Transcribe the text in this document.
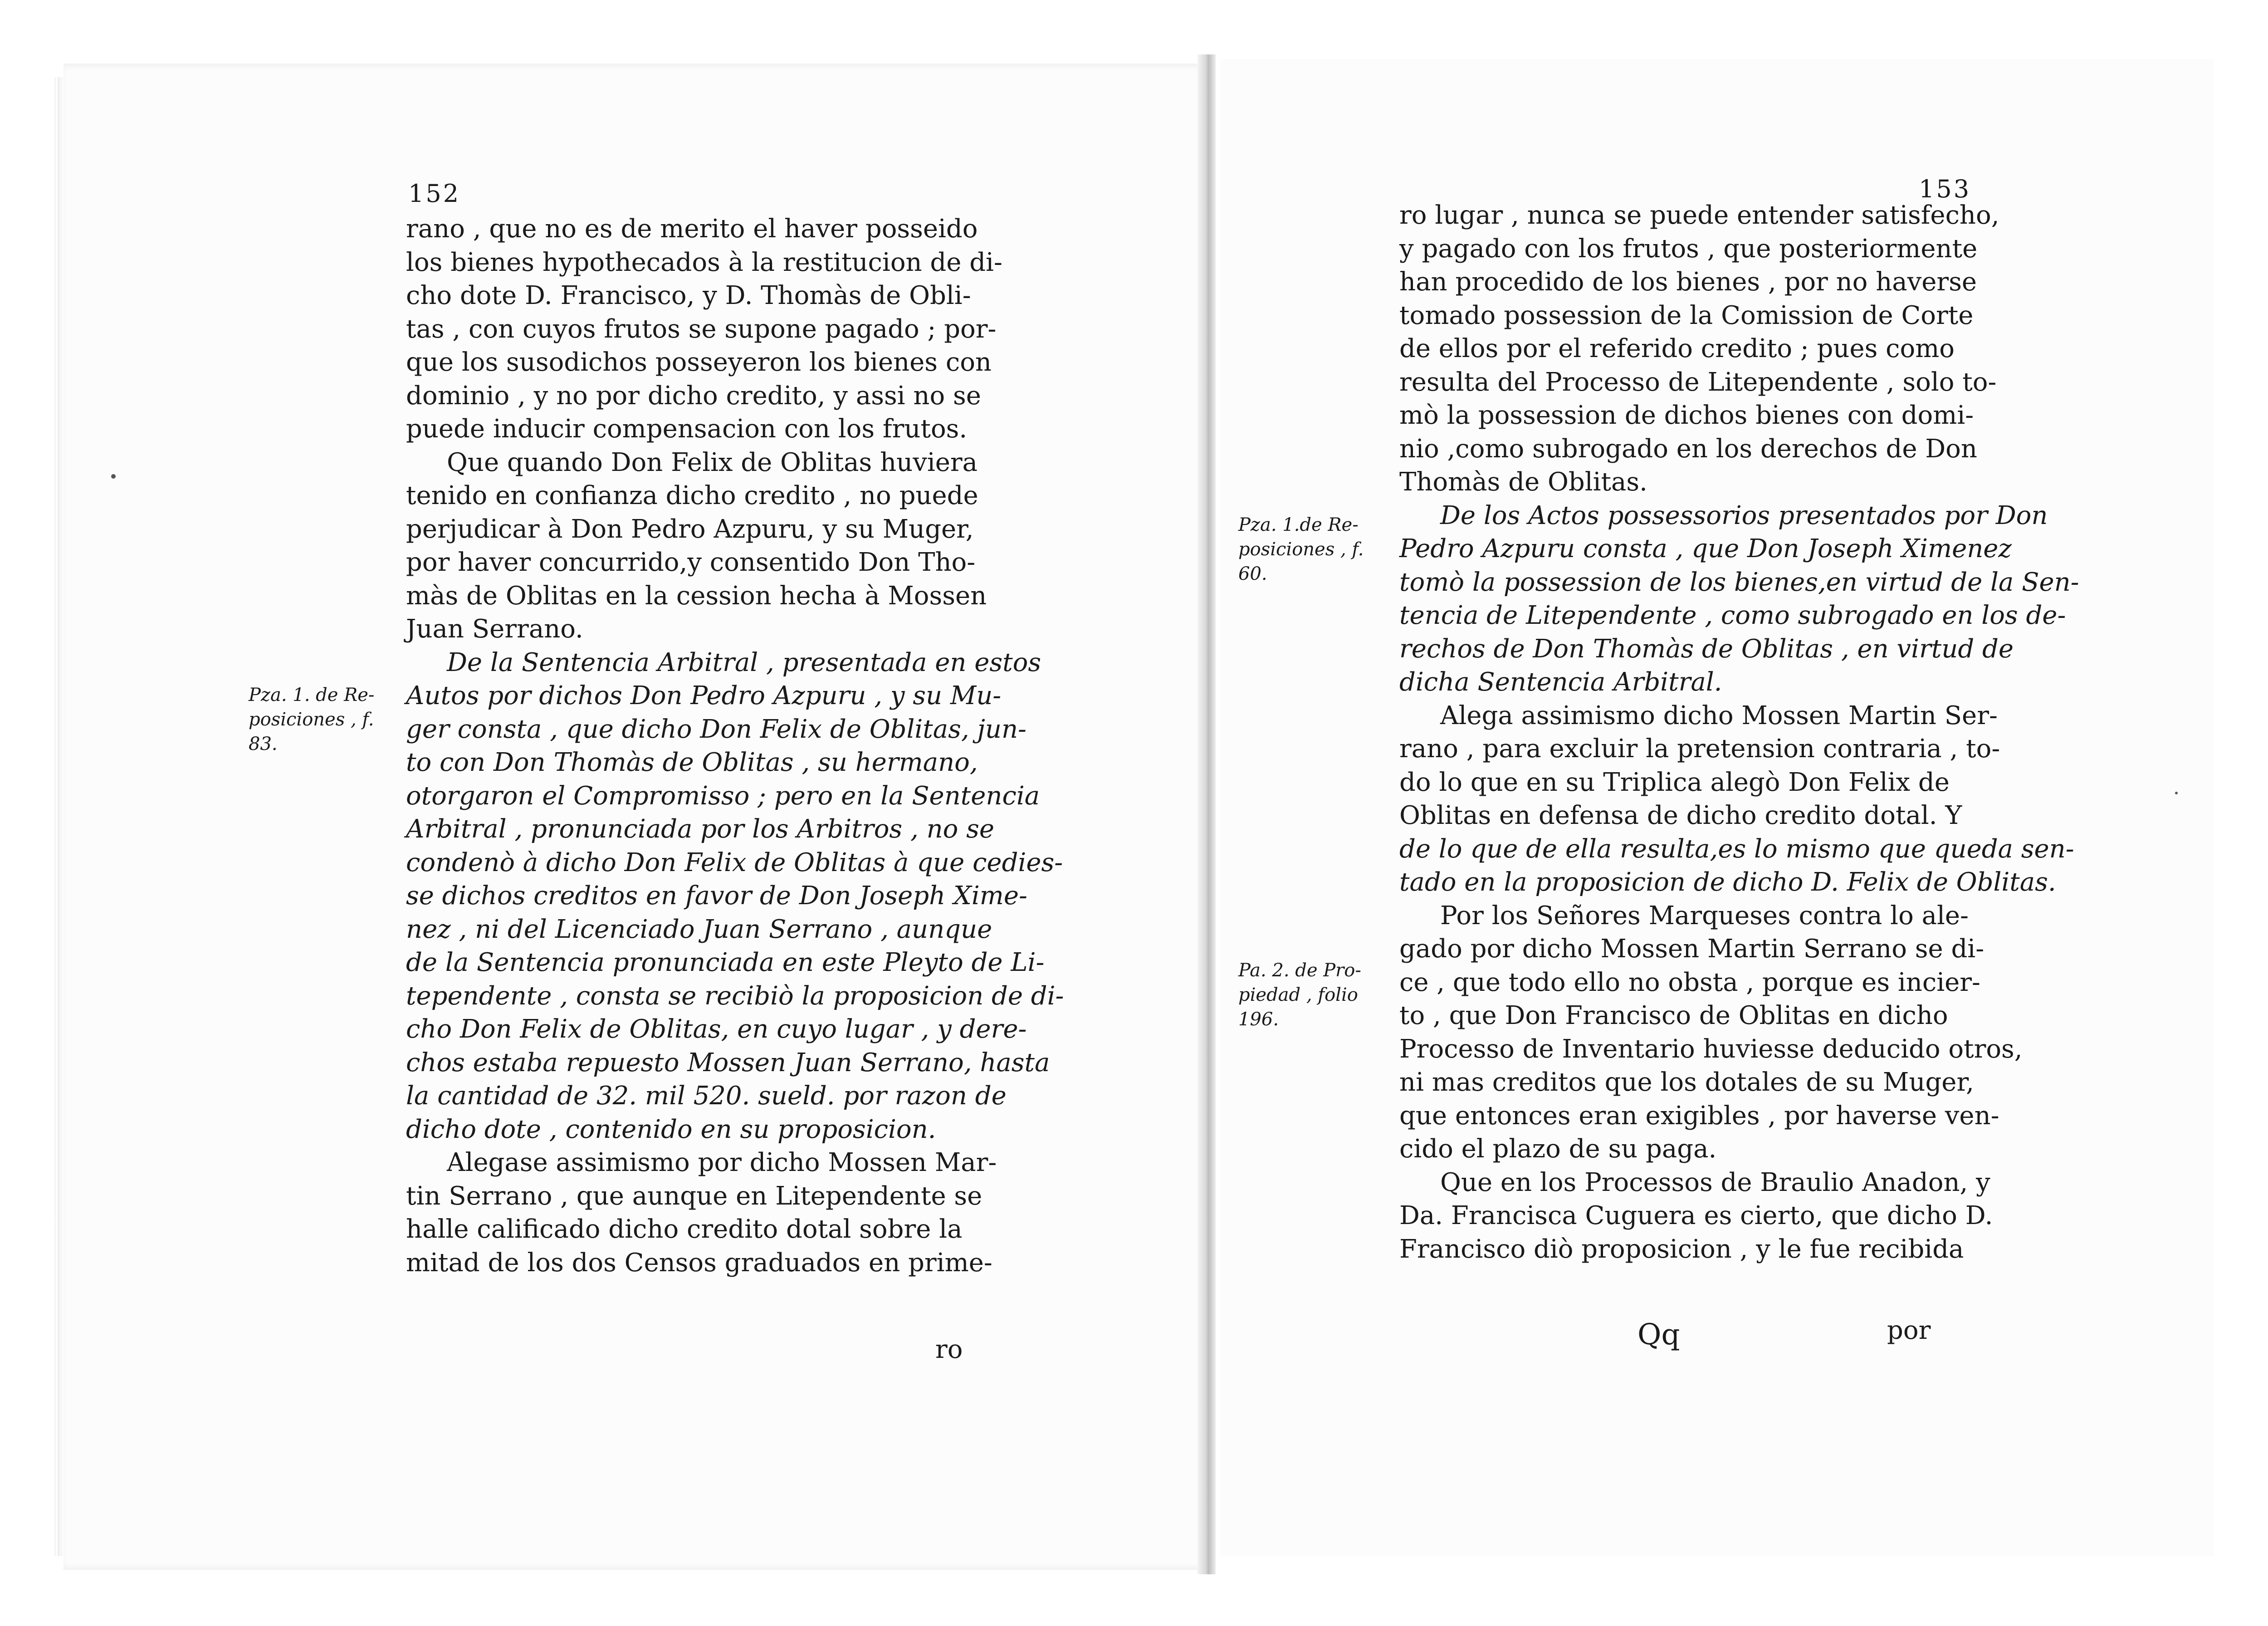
152	153
Pza. 1. de Re-
posiciones , f.
83.
Pza. 1.de Re-
posiciones , f.
60.
Pa. 2. de Pro-
piedad , folio
196.
rano , que no es de merito el haver posseido
los bienes hypothecados à la restitucion de di-
cho dote D. Francisco, y D. Thomàs de Obli-
tas , con cuyos frutos se supone pagado ; por-
que los susodichos posseyeron los bienes con
dominio , y no por dicho credito, y assi no se
puede inducir compensacion con los frutos.
Que quando Don Felix de Oblitas huviera
tenido en confianza dicho credito , no puede
perjudicar à Don Pedro Azpuru, y su Muger,
por haver concurrido,y consentido Don Tho-
màs de Oblitas en la cession hecha à Mossen
Juan Serrano.
De la Sentencia Arbitral , presentada en estos
Autos por dichos Don Pedro Azpuru , y su Mu-
ger consta , que dicho Don Felix de Oblitas, jun-
to con Don Thomàs de Oblitas , su hermano,
otorgaron el Compromisso ; pero en la Sentencia
Arbitral , pronunciada por los Arbitros , no se
condenò à dicho Don Felix de Oblitas à que cedies-
se dichos creditos en favor de Don Joseph Xime-
nez , ni del Licenciado Juan Serrano , aunque
de la Sentencia pronunciada en este Pleyto de Li-
tependente , consta se recibiò la proposicion de di-
cho Don Felix de Oblitas, en cuyo lugar , y dere-
chos estaba repuesto Mossen Juan Serrano, hasta
la cantidad de 32. mil 520. sueld. por razon de
dicho dote , contenido en su proposicion.
Alegase assimismo por dicho Mossen Mar-
tin Serrano , que aunque en Litependente se
halle calificado dicho credito dotal sobre la
mitad de los dos Censos graduados en prime-
ro lugar , nunca se puede entender satisfecho,
y pagado con los frutos , que posteriormente
han procedido de los bienes , por no haverse
tomado possession de la Comission de Corte
de ellos por el referido credito ; pues como
resulta del Processo de Litependente , solo to-
mò la possession de dichos bienes con domi-
nio ,como subrogado en los derechos de Don
Thomàs de Oblitas.
De los Actos possessorios presentados por Don
Pedro Azpuru consta , que Don Joseph Ximenez
tomò la possession de los bienes,en virtud de la Sen-
tencia de Litependente , como subrogado en los de-
rechos de Don Thomàs de Oblitas , en virtud de
dicha Sentencia Arbitral.
Alega assimismo dicho Mossen Martin Ser-
rano , para excluir la pretension contraria , to-
do lo que en su Triplica alegò Don Felix de
Oblitas en defensa de dicho credito dotal. Y
de lo que de ella resulta,es lo mismo que queda sen-
tado en la proposicion de dicho D. Felix de Oblitas.
Por los Señores Marqueses contra lo ale-
gado por dicho Mossen Martin Serrano se di-
ce , que todo ello no obsta , porque es incier-
to , que Don Francisco de Oblitas en dicho
Processo de Inventario huviesse deducido otros,
ni mas creditos que los dotales de su Muger,
que entonces eran exigibles , por haverse ven-
cido el plazo de su paga.
Que en los Processos de Braulio Anadon, y
Da. Francisca Cuguera es cierto, que dicho D.
Francisco diò proposicion , y le fue recibida
ro	Qq	por
